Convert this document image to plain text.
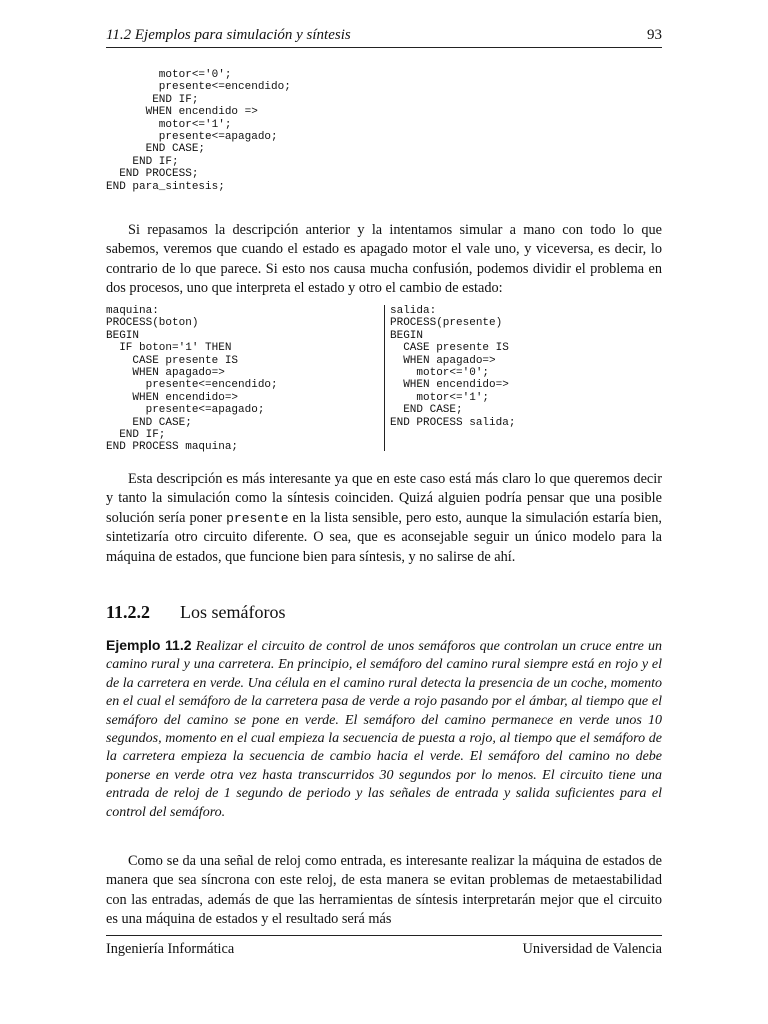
11.2 Ejemplos para simulación y síntesis	93
motor<='0';
presente<=encendido;
END IF;
WHEN encendido =>
motor<='1';
presente<=apagado;
END CASE;
END IF;
END PROCESS;
END para_sintesis;

Si repasamos la descripción anterior y la intentamos simular a mano con todo lo que sabemos, veremos que cuando el estado es apagado motor el vale uno, y viceversa, es decir, lo contrario de lo que parece. Si esto nos causa mucha confusión, podemos dividir el problema en dos procesos, uno que interpreta el estado y otro el cambio de estado:

maquina:
PROCESS(boton)
BEGIN
IF boton='1' THEN
CASE presente IS
WHEN apagado=>
presente<=encendido;
WHEN encendido=>
presente<=apagado;
END CASE;
END IF;
END PROCESS maquina;
salida:
PROCESS(presente)
BEGIN
CASE presente IS
WHEN apagado=>
motor<='0';
WHEN encendido=>
motor<='1';
END CASE;
END PROCESS salida;

Esta descripción es más interesante ya que en este caso está más claro lo que queremos decir y tanto la simulación como la síntesis coinciden. Quizá alguien podría pensar que una posible solución sería poner presente en la lista sensible, pero esto, aunque la simulación estaría bien, sintetizaría otro circuito diferente. O sea, que es aconsejable seguir un único modelo para la máquina de estados, que funcione bien para síntesis, y no salirse de ahí.

11.2.2 Los semáforos

Ejemplo 11.2 Realizar el circuito de control de unos semáforos que controlan un cruce entre un camino rural y una carretera. En principio, el semáforo del camino rural siempre está en rojo y el de la carretera en verde. Una célula en el camino rural detecta la presencia de un coche, momento en el cual el semáforo de la carretera pasa de verde a rojo pasando por el ámbar, al tiempo que el semáforo del camino se pone en verde. El semáforo del camino permanece en verde unos 10 segundos, momento en el cual empieza la secuencia de puesta a rojo, al tiempo que el semáforo de la carretera empieza la secuencia de cambio hacia el verde. El semáforo del camino no debe ponerse en verde otra vez hasta transcurridos 30 segundos por lo menos. El circuito tiene una entrada de reloj de 1 segundo de periodo y las señales de entrada y salida suficientes para el control del semáforo.

Como se da una señal de reloj como entrada, es interesante realizar la máquina de estados de manera que sea síncrona con este reloj, de esta manera se evitan problemas de metaestabilidad con las entradas, además de que las herramientas de síntesis interpretarán mejor que el circuito es una máquina de estados y el resultado será más

Ingeniería Informática	Universidad de Valencia
